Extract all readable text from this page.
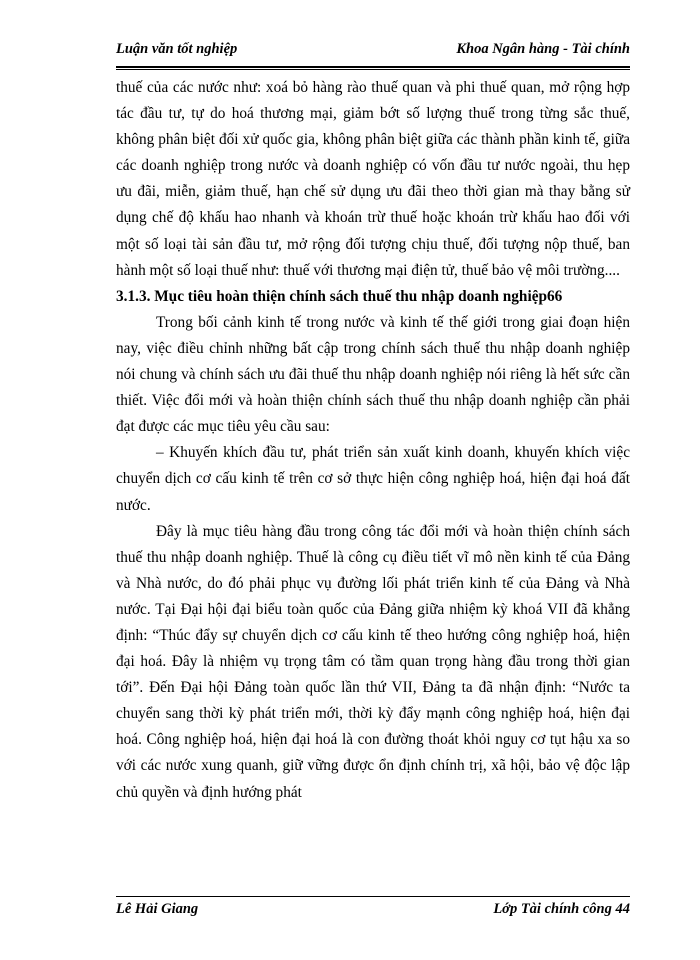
Luận văn tốt nghiệp	Khoa Ngân hàng - Tài chính

thuế của các nước như: xoá bỏ hàng rào thuế quan và phi thuế quan, mở rộng hợp tác đầu tư, tự do hoá thương mại, giảm bớt số lượng thuế trong từng sắc thuế, không phân biệt đối xử quốc gia, không phân biệt giữa các thành phần kinh tế, giữa các doanh nghiệp trong nước và doanh nghiệp có vốn đầu tư nước ngoài, thu hẹp ưu đãi, miễn, giảm thuế, hạn chế sử dụng ưu đãi theo thời gian mà thay bằng sử dụng chế độ khấu hao nhanh và khoán trừ thuế hoặc khoán trừ khấu hao đối với một số loại tài sản đầu tư, mở rộng đối tượng chịu thuế, đối tượng nộp thuế, ban hành một số loại thuế như: thuế với thương mại điện tử, thuế bảo vệ môi trường....

3.1.3. Mục tiêu hoàn thiện chính sách thuế thu nhập doanh nghiệp66

Trong bối cảnh kinh tế trong nước và kinh tế thế giới trong giai đoạn hiện nay, việc điều chỉnh những bất cập trong chính sách thuế thu nhập doanh nghiệp nói chung và chính sách ưu đãi thuế thu nhập doanh nghiệp nói riêng là hết sức cần thiết. Việc đổi mới và hoàn thiện chính sách thuế thu nhập doanh nghiệp cần phải đạt được các mục tiêu yêu cầu sau:

– Khuyến khích đầu tư, phát triển sản xuất kinh doanh, khuyến khích việc chuyển dịch cơ cấu kinh tế trên cơ sở thực hiện công nghiệp hoá, hiện đại hoá đất nước.

Đây là mục tiêu hàng đầu trong công tác đổi mới và hoàn thiện chính sách thuế thu nhập doanh nghiệp. Thuế là công cụ điều tiết vĩ mô nền kinh tế của Đảng và Nhà nước, do đó phải phục vụ đường lối phát triển kinh tế của Đảng và Nhà nước. Tại Đại hội đại biểu toàn quốc của Đảng giữa nhiệm kỳ khoá VII đã khẳng định: “Thúc đẩy sự chuyển dịch cơ cấu kinh tế theo hướng công nghiệp hoá, hiện đại hoá. Đây là nhiệm vụ trọng tâm có tầm quan trọng hàng đầu trong thời gian tới”. Đến Đại hội Đảng toàn quốc lần thứ VII, Đảng ta đã nhận định: “Nước ta chuyển sang thời kỳ phát triển mới, thời kỳ đẩy mạnh công nghiệp hoá, hiện đại hoá. Công nghiệp hoá, hiện đại hoá là con đường thoát khỏi nguy cơ tụt hậu xa so với các nước xung quanh, giữ vững được ổn định chính trị, xã hội, bảo vệ độc lập chủ quyền và định hướng phát

Lê Hải Giang	Lớp Tài chính công 44
